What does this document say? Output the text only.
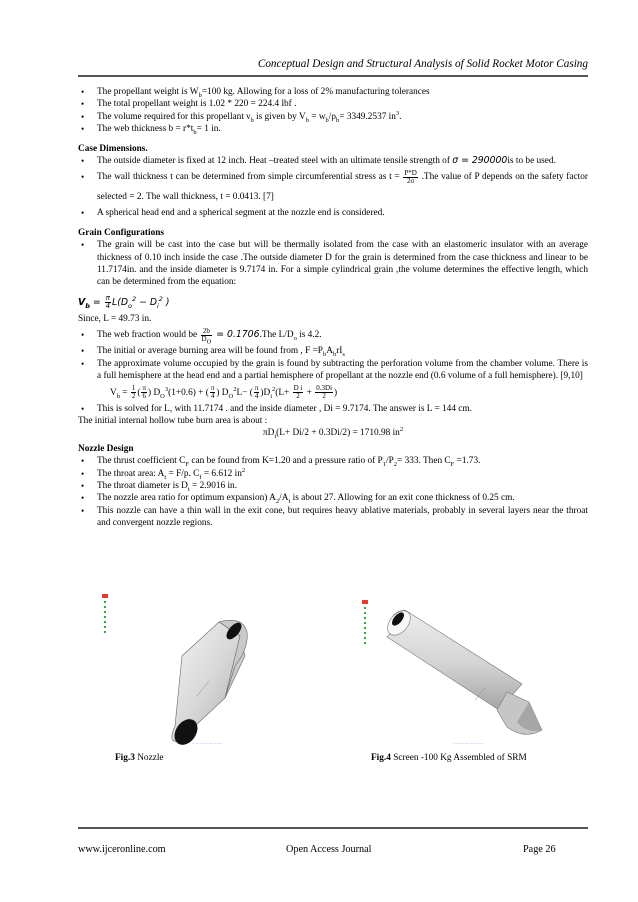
Conceptual Design and Structural Analysis of Solid Rocket Motor Casing
• The propellant weight is $W_b=100$ kg. Allowing for a loss of 2% manufacturing tolerances
• The total propellant weight is 1.02 * 220 = 224.4 lbf .
• The volume required for this propellant $\nu_b$ is given by $V_b = w_b/\rho_b= 3349.2537$ $in^3$.
• The web thickness $b = r*t_b= 1$ in.

Case Dimensions.

• The outside diameter is fixed at 12 inch. Heat –treated steel with an ultimate tensile strength of σ = 290000is to be used.
• The wall thickness t can be determined from simple circumferential stress as $t = \frac{P*D}{2\sigma} .The$ value of P depends on the safety factor selected = 2. The wall thickness, t = 0.0413. [7]
• A spherical head end and a spherical segment at the nozzle end is considered.

Grain Configurations

• The grain will be cast into the case but will be thermally isolated from the case with an elastomeric insulator with an average thickness of 0.10 inch inside the case .The outside diameter D for the grain is determined from the case thickness and linear to be 11.7174in. and the inside diameter is 9.7174 in. For a simple cylindrical grain ,the volume determines the effective length, which can be determined from the equation:

$V_b = \frac{\pi}{4} L(D_o^2 - D_i^2$ )

Since, L = 49.73 in.

• The web fraction would be $\frac{2b}{D_O} = 0.1706.The$ $L/D_o$ is 4.2.
• The initial or average burning area will be found from , $F =P_bA_brI_s$
• The approximate volume occupied by the grain is found by subtracting the perforation volume from the chamber volume. There is a full hemisphere at the head end and a partial hemisphere of propellant at the nozzle end (0.6 volume of a full hemisphere). [9,10]

$V_b = \frac{1}{2}$ ( $\frac{\pi}{6}$ ) $D_O^3(1+0.6)$ + ( $\frac{\pi}{4}$ ) $D_O^2L-$ ( $\frac{\pi}{4} )D_i^2(L+ \frac{\text{D i}}{2} + \frac{0.3Di}{2}$ )

• This is solved for L, with 11.7174 . and the inside diameter , Di = 9.7174. The answer is L = 144 cm.

The initial internal hollow tube burn area is about :

$\pi D_i(L+ Di/2 + 0.3Di/2) = 1710.98$ $in^2$

Nozzle Design

• The thrust coefficient $C_F$ can be found from K=1.20 and a pressure ratio of $P_1/P_2= 333$. Then $C_F =1.73$.
• The throat area: $A_t = F/p$. $C_f = 6.612$ $in^2$
• The throat diameter is $D_t = 2.9016$ in.
• The nozzle area ratio for optimum expansion) $A_2/A_t$ is about 27. Allowing for an exit cone thickness of 0.25 cm.
• This nozzle can have a thin wall in the exit cone, but requires heavy ablative materials, probably in several layers near the throat and convergent nozzle regions.
........................	........................
Fig.3 Nozzle	Fig.4 Screen -100 Kg Assembled of SRM
www.ijceronline.com	Open Access Journal	Page 26
